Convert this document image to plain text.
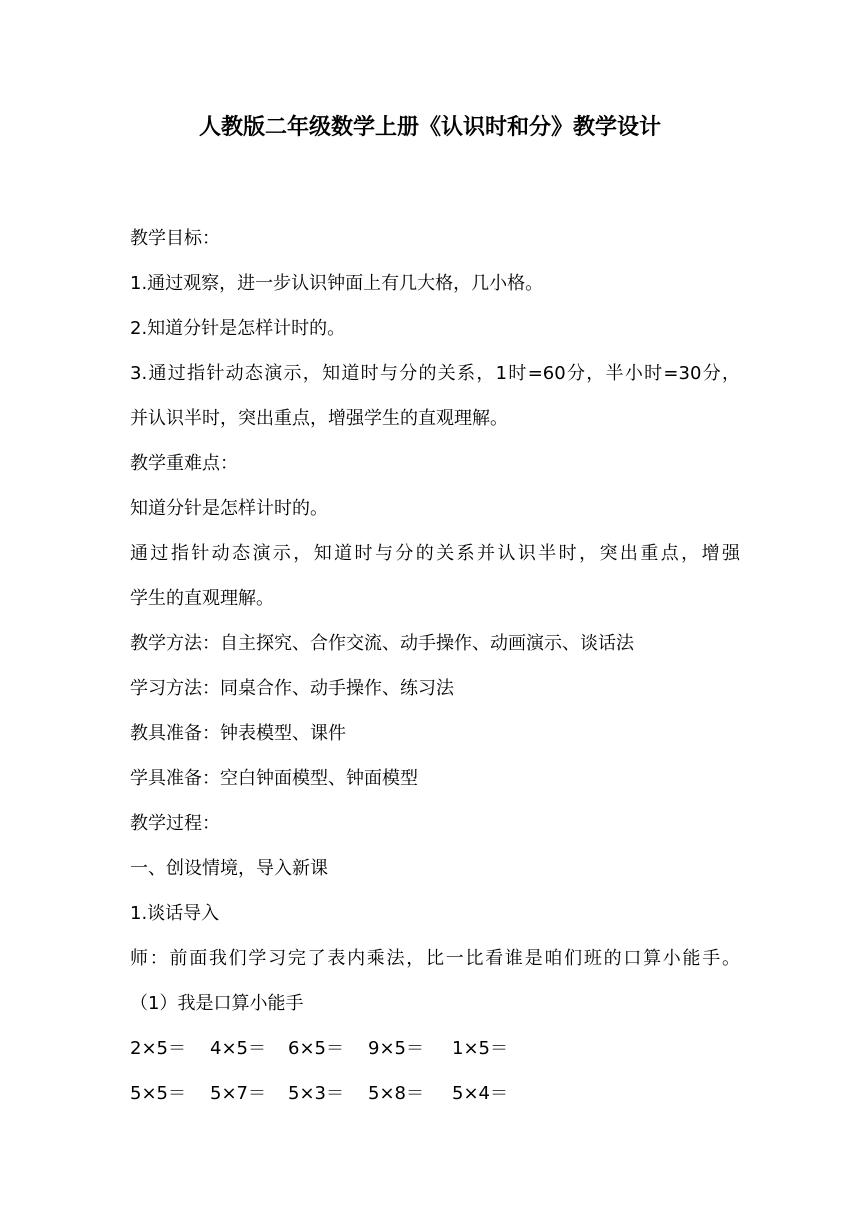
人教版二年级数学上册《认识时和分》教学设计
教学目标：
1.通过观察，进一步认识钟面上有几大格，几小格。
2.知道分针是怎样计时的。
3.通过指针动态演示，知道时与分的关系，1时=60分，半小时=30分，
并认识半时，突出重点，增强学生的直观理解。
教学重难点：
知道分针是怎样计时的。
通过指针动态演示，知道时与分的关系并认识半时，突出重点，增强
学生的直观理解。
教学方法：自主探究、合作交流、动手操作、动画演示、谈话法
学习方法：同桌合作、动手操作、练习法
教具准备：钟表模型、课件
学具准备：空白钟面模型、钟面模型
教学过程：
一、创设情境，导入新课
1.谈话导入
师：前面我们学习完了表内乘法，比一比看谁是咱们班的口算小能手。
（1）我是口算小能手
2×5＝	4×5＝	6×5＝	9×5＝	1×5＝
5×5＝	5×7＝	5×3＝	5×8＝	5×4＝
